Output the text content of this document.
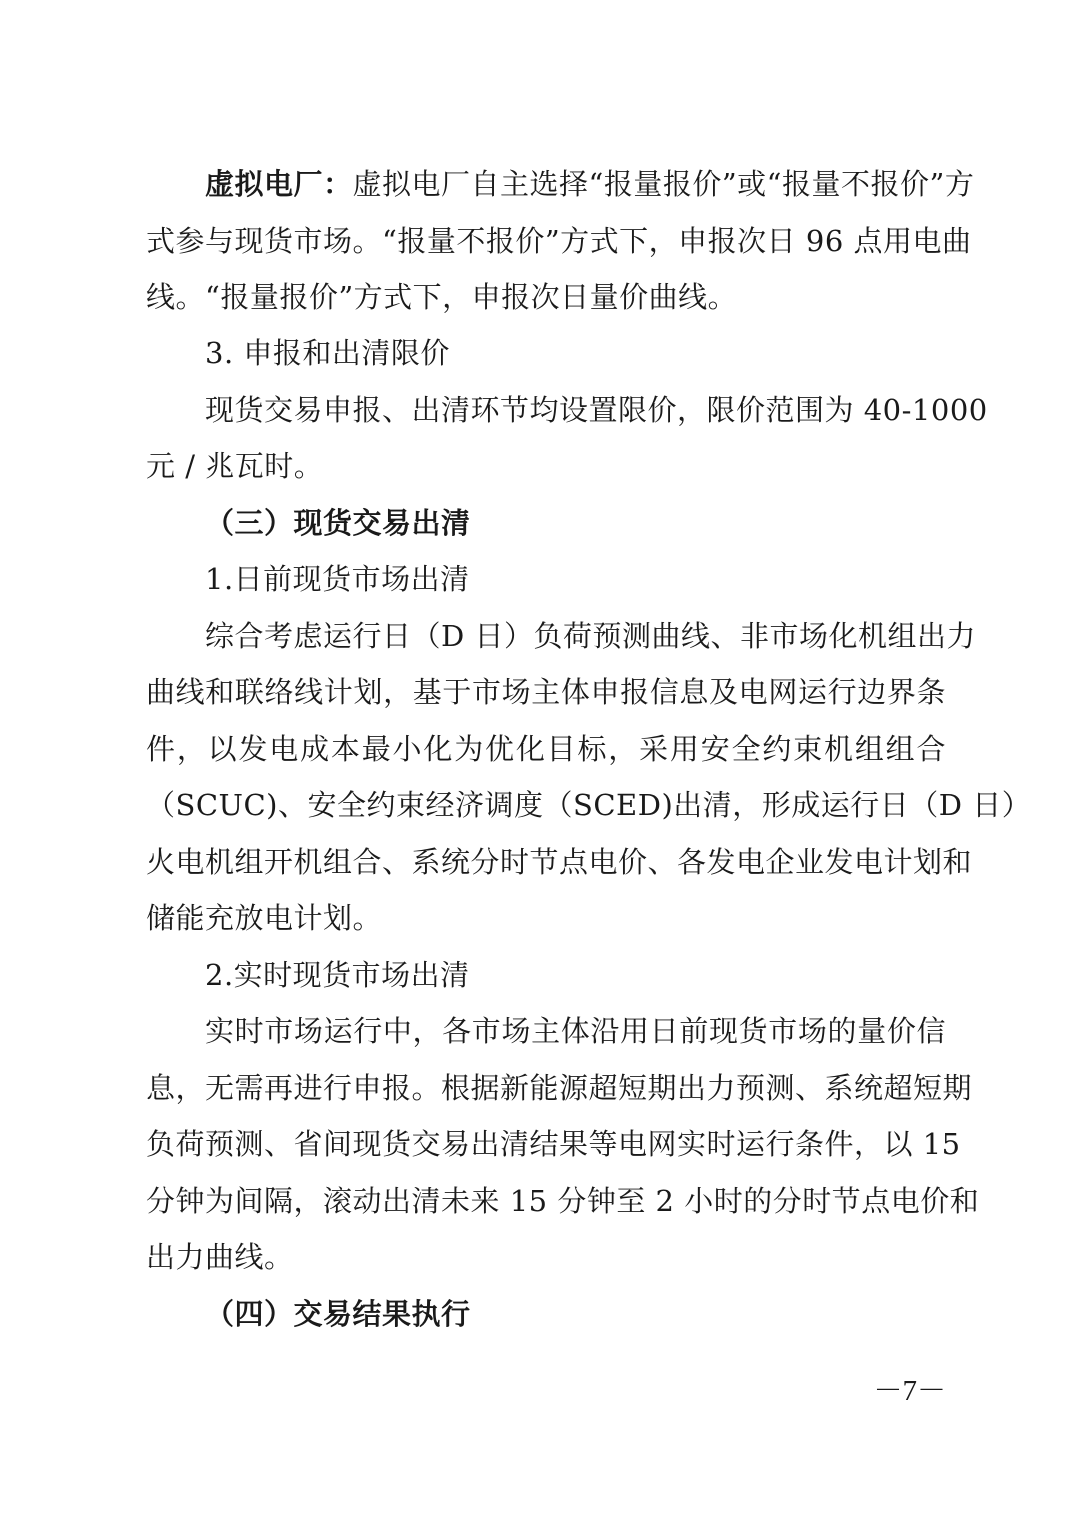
虚拟电厂：虚拟电厂自主选择“报量报价”或“报量不报价”方
式参与现货市场。“报量不报价”方式下，申报次日 96 点用电曲
线。“报量报价”方式下，申报次日量价曲线。
3. 申报和出清限价
现货交易申报、出清环节均设置限价，限价范围为 40-1000
元 / 兆瓦时。
（三）现货交易出清
1.日前现货市场出清
综合考虑运行日（D 日）负荷预测曲线、非市场化机组出力
曲线和联络线计划，基于市场主体申报信息及电网运行边界条
件，以发电成本最小化为优化目标，采用安全约束机组组合
（SCUC)、安全约束经济调度（SCED)出清，形成运行日（D 日）
火电机组开机组合、系统分时节点电价、各发电企业发电计划和
储能充放电计划。
2.实时现货市场出清
实时市场运行中，各市场主体沿用日前现货市场的量价信
息，无需再进行申报。根据新能源超短期出力预测、系统超短期
负荷预测、省间现货交易出清结果等电网实时运行条件，以 15
分钟为间隔，滚动出清未来 15 分钟至 2 小时的分时节点电价和
出力曲线。
（四）交易结果执行
－7－
